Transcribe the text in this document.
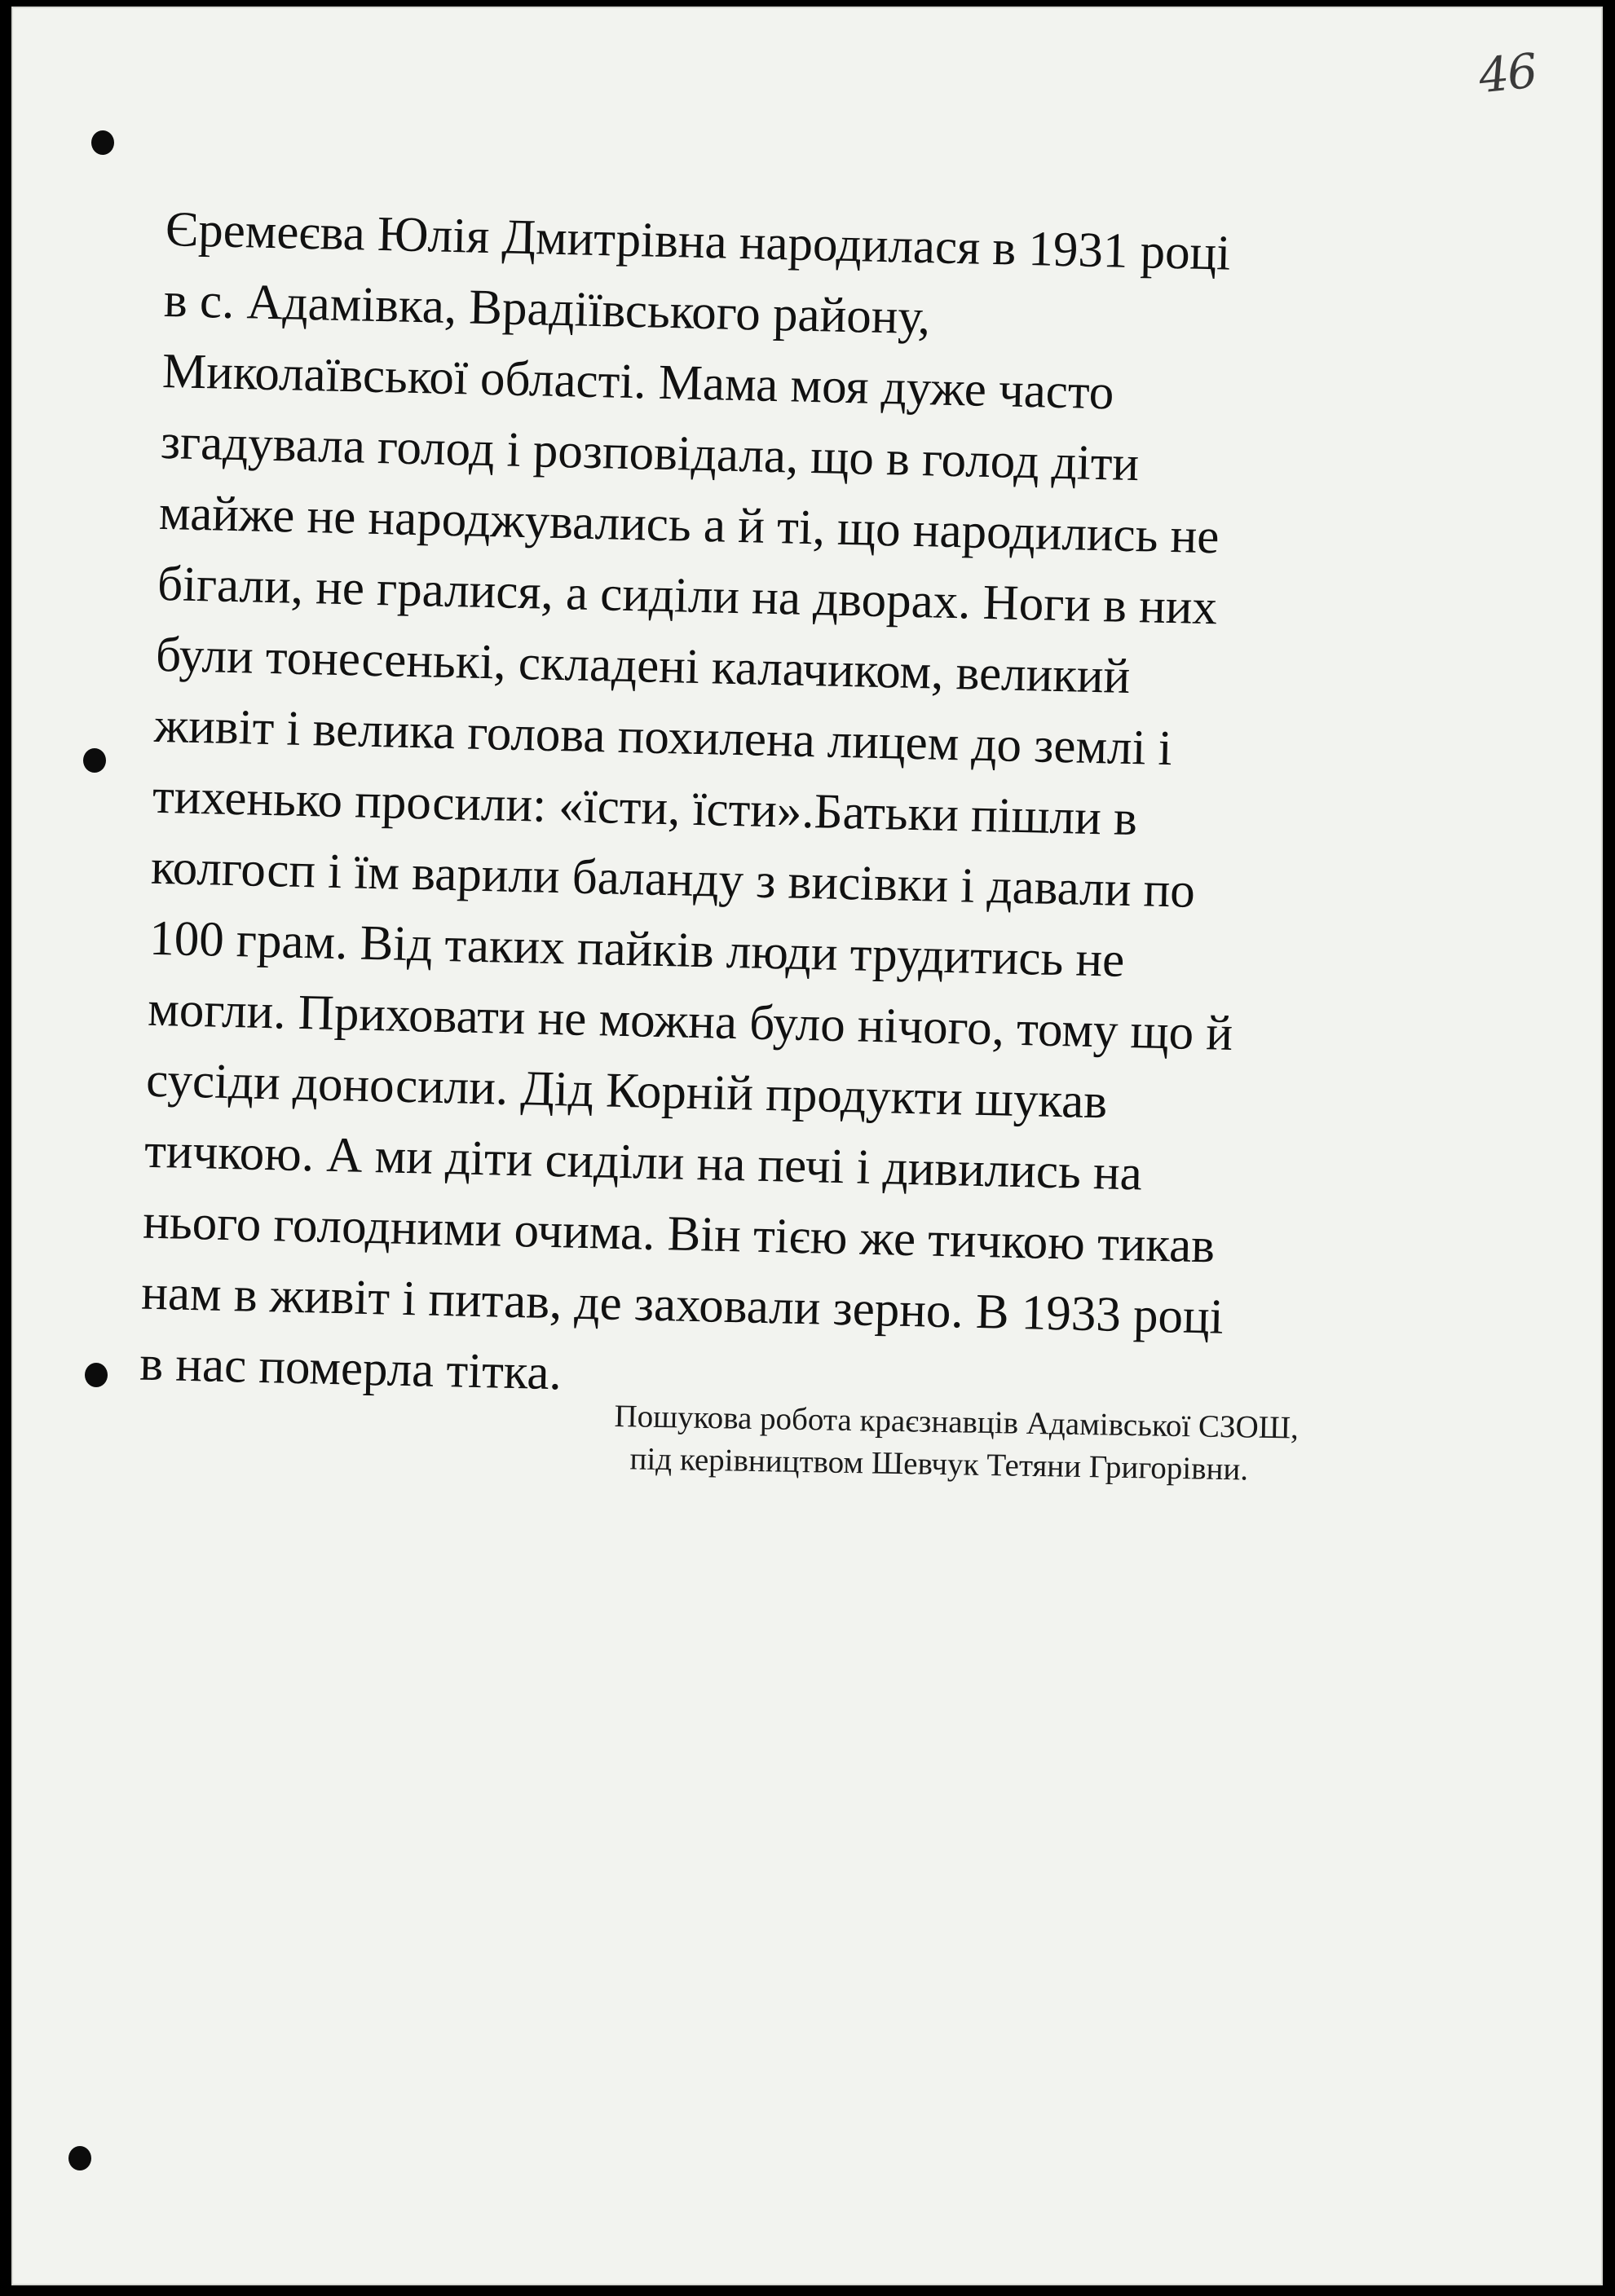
46

Єремеєва Юлія Дмитрівна народилася в 1931 році
в с. Адамівка, Врадіївського району,
Миколаївської області. Мама моя дуже часто
згадувала голод і розповідала, що в голод діти
майже не народжувались а й ті, що народились не
бігали, не гралися, а сиділи на дворах. Ноги в них
були тонесенькі, складені калачиком, великий
живіт і велика голова похилена лицем до землі і
тихенько просили: «їсти, їсти».Батьки пішли в
колгосп і їм варили баланду з висівки і давали по
100 грам. Від таких пайків люди трудитись не
могли. Приховати не можна було нічого, тому що й
сусіди доносили. Дід Корній продукти шукав
тичкою. А ми діти сиділи на печі і дивились на
нього голодними очима. Він тією же тичкою тикав
нам в живіт і питав, де заховали зерно. В 1933 році
в нас померла тітка.

Пошукова робота краєзнавців Адамівської СЗОШ,
під керівництвом Шевчук Тетяни Григорівни.
